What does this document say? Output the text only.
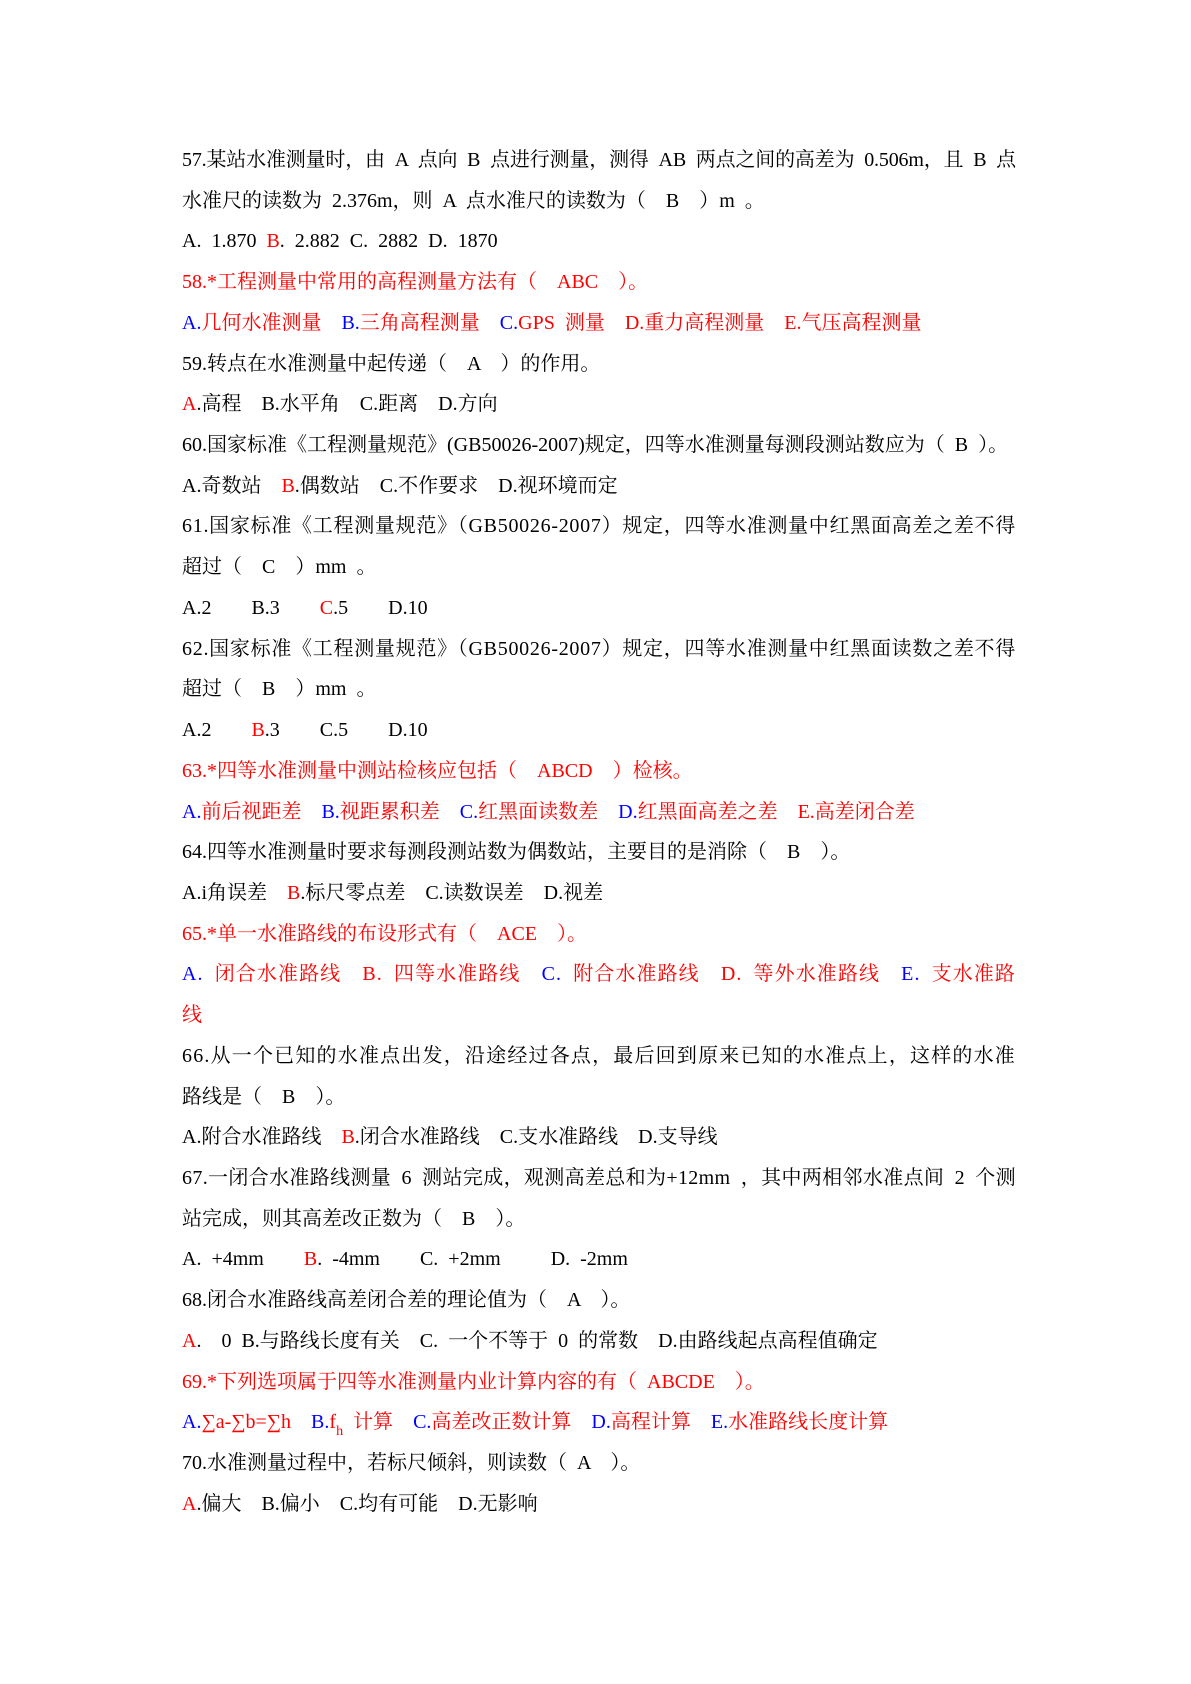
57.某站水准测量时，由 A 点向 B 点进行测量，测得 AB 两点之间的高差为 0.506m，且 B 点
水准尺的读数为 2.376m，则 A 点水准尺的读数为（　B　）m 。
A. 1.870 B. 2.882 C. 2882 D. 1870
58.*工程测量中常用的高程测量方法有（　ABC　）。
A.几何水准测量　B.三角高程测量　C.GPS 测量　D.重力高程测量　E.气压高程测量
59.转点在水准测量中起传递（　A　）的作用。
A.高程　B.水平角　C.距离　D.方向
60.国家标准《工程测量规范》(GB50026-2007)规定，四等水准测量每测段测站数应为（ B ）。
A.奇数站　B.偶数站　C.不作要求　D.视环境而定
61.国家标准《工程测量规范》（GB50026-2007）规定，四等水准测量中红黑面高差之差不得
超过（　C　）mm 。
A.2　　B.3　　C.5　　D.10
62.国家标准《工程测量规范》（GB50026-2007）规定，四等水准测量中红黑面读数之差不得
超过（　B　）mm 。
A.2　　B.3　　C.5　　D.10
63.*四等水准测量中测站检核应包括（　ABCD　）检核。
A.前后视距差　B.视距累积差　C.红黑面读数差　D.红黑面高差之差　E.高差闭合差
64.四等水准测量时要求每测段测站数为偶数站，主要目的是消除（　B　）。
A.i角误差　B.标尺零点差　C.读数误差　D.视差
65.*单一水准路线的布设形式有（　ACE　）。
A. 闭合水准路线　B. 四等水准路线　C. 附合水准路线　D. 等外水准路线　E. 支水准路
线
66.从一个已知的水准点出发，沿途经过各点，最后回到原来已知的水准点上，这样的水准
路线是（　B　）。
A.附合水准路线　B.闭合水准路线　C.支水准路线　D.支导线
67.一闭合水准路线测量 6 测站完成，观测高差总和为+12mm ，其中两相邻水准点间 2 个测
站完成，则其高差改正数为（　B　）。
A. +4mm    B. -4mm    C. +2mm     D. -2mm
68.闭合水准路线高差闭合差的理论值为（　A　）。
A.  0 B.与路线长度有关　C. 一个不等于 0 的常数　D.由路线起点高程值确定
69.*下列选项属于四等水准测量内业计算内容的有（ ABCDE　）。
A.∑a-∑b=∑h　$B.f_h$ 计算　C.高差改正数计算　D.高程计算　E.水准路线长度计算
70.水准测量过程中，若标尺倾斜，则读数（ A　）。
A.偏大　B.偏小　C.均有可能　D.无影响
